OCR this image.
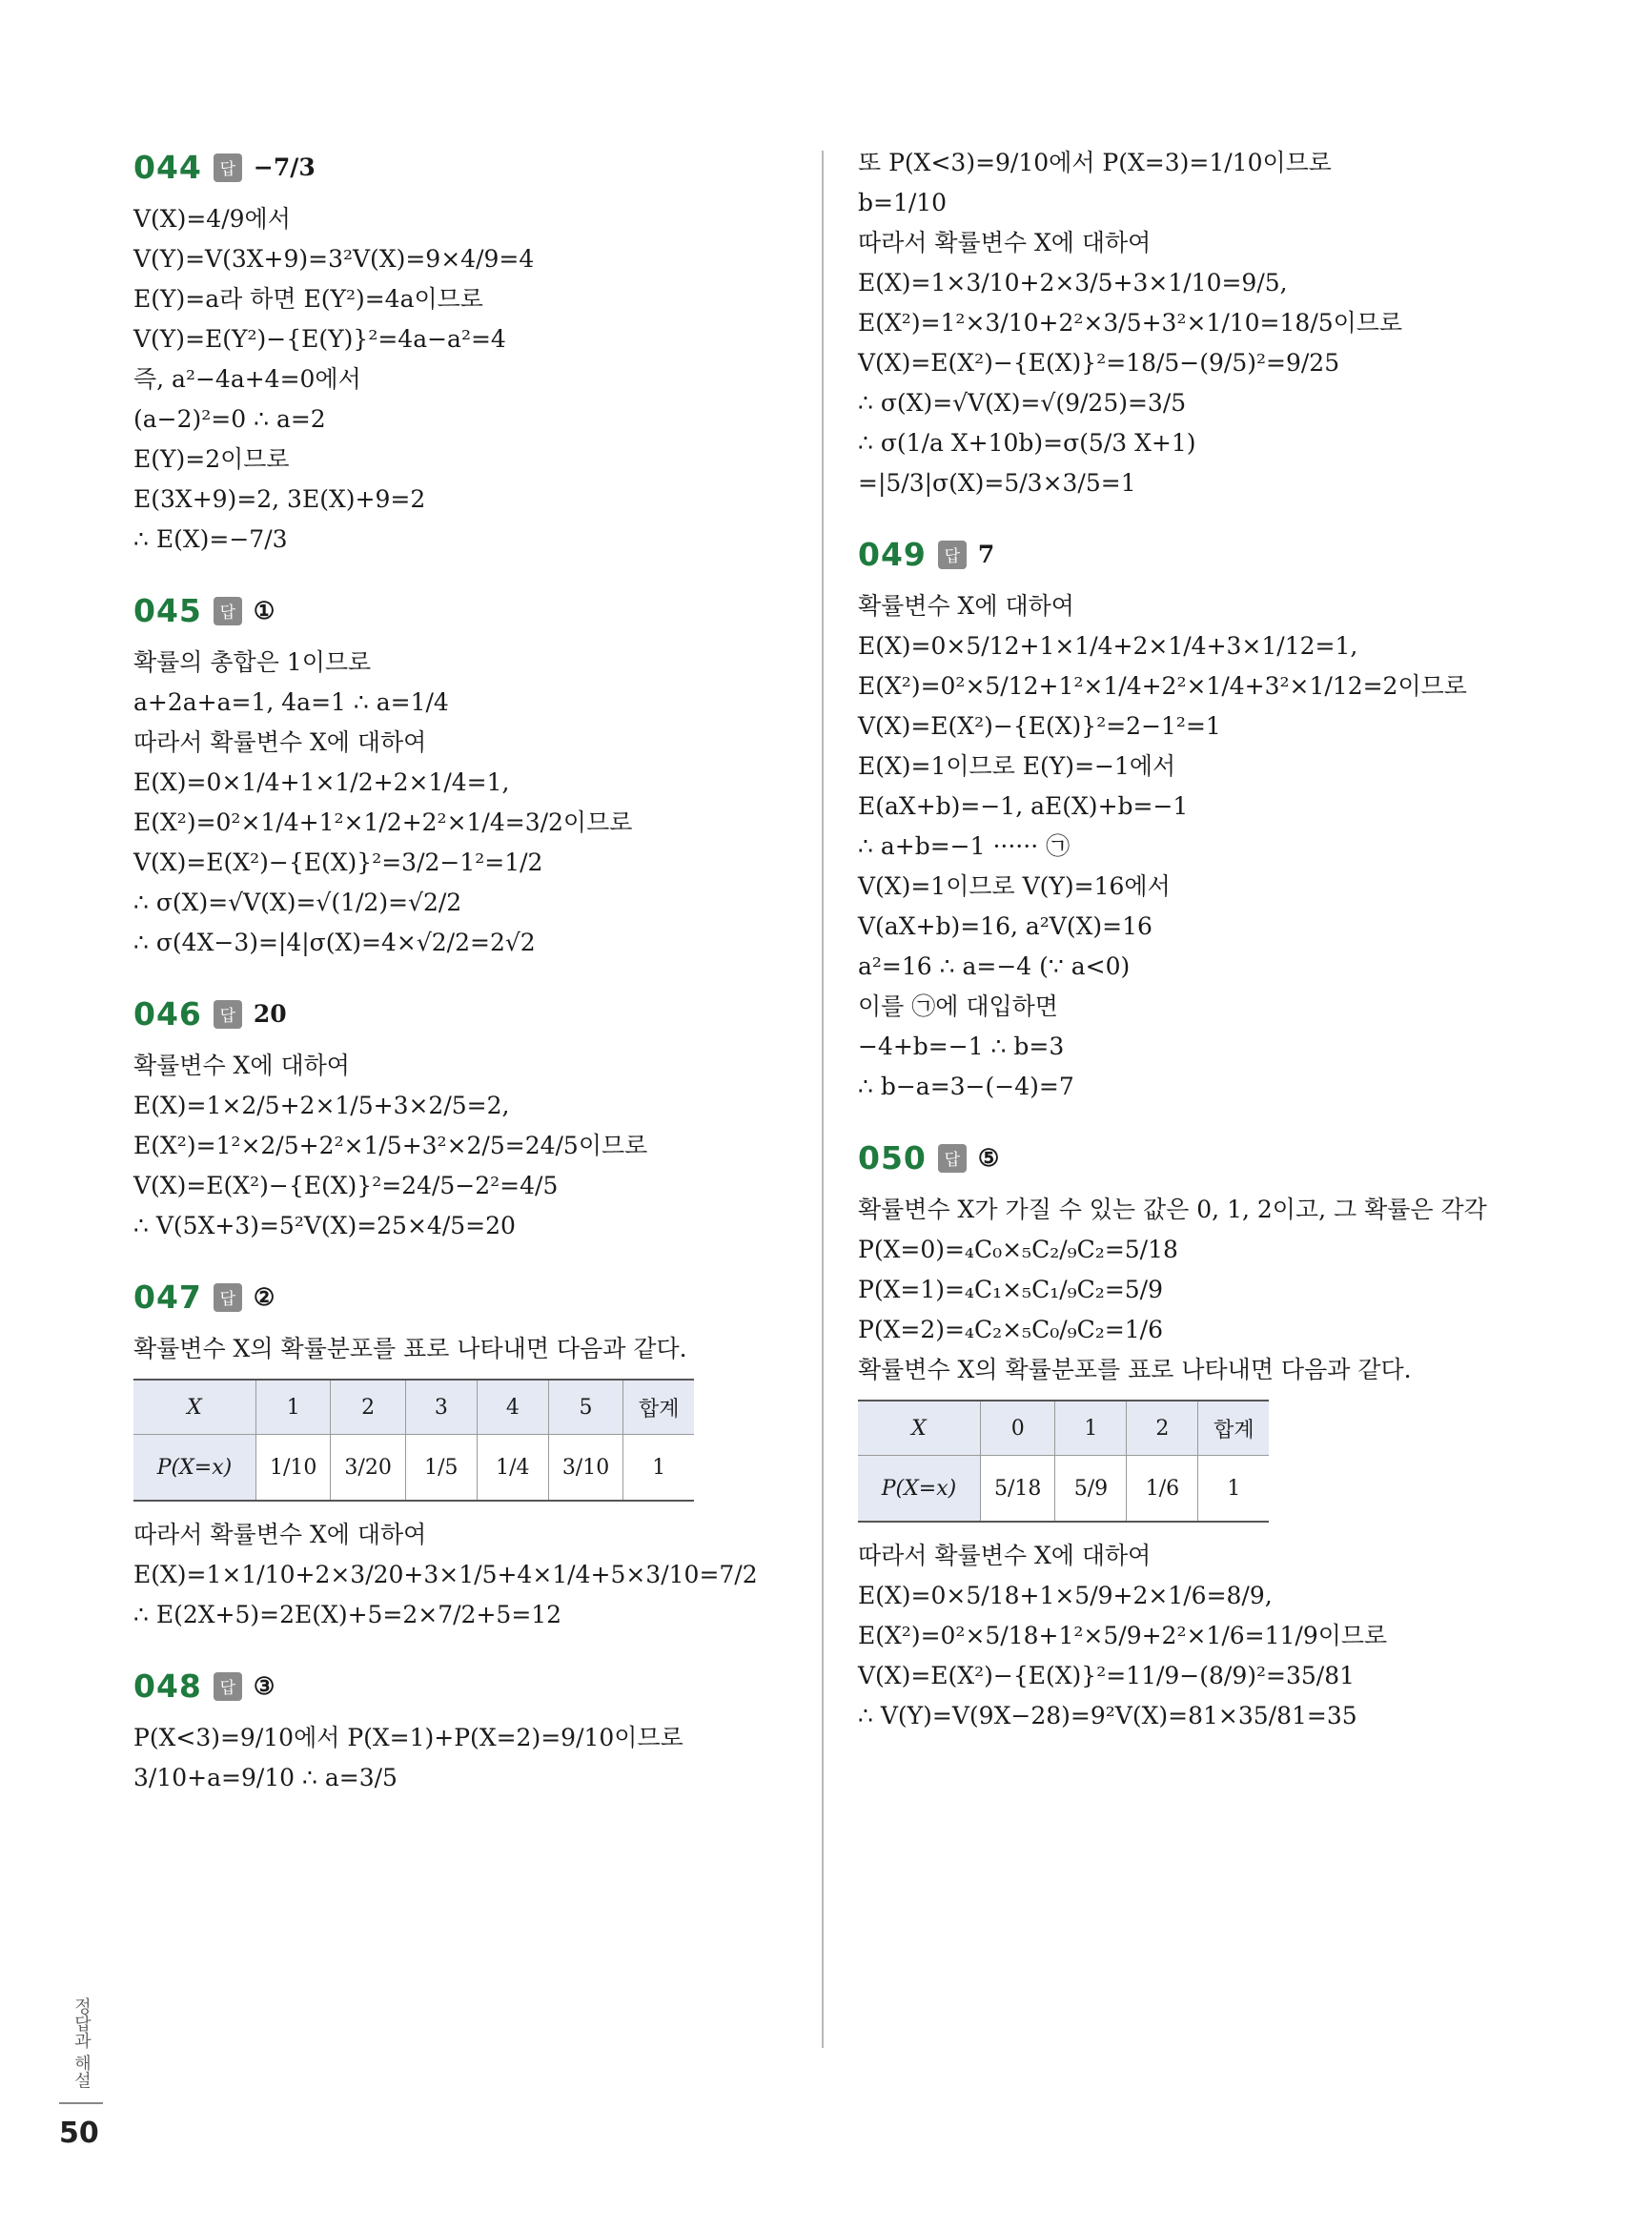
044	답 −7/3

V(X)=4/9에서

V(Y)=V(3X+9)=3²V(X)=9×4/9=4

E(Y)=a라 하면 E(Y²)=4a이므로

V(Y)=E(Y²)−{E(Y)}²=4a−a²=4

즉, a²−4a+4=0에서

(a−2)²=0 ∴ a=2

E(Y)=2이므로

E(3X+9)=2, 3E(X)+9=2

∴ E(X)=−7/3

045	답 ①

확률의 총합은 1이므로

a+2a+a=1, 4a=1 ∴ a=1/4

따라서 확률변수 X에 대하여

E(X)=0×1/4+1×1/2+2×1/4=1,

E(X²)=0²×1/4+1²×1/2+2²×1/4=3/2이므로

V(X)=E(X²)−{E(X)}²=3/2−1²=1/2

∴ σ(X)=√V(X)=√(1/2)=√2/2

∴ σ(4X−3)=|4|σ(X)=4×√2/2=2√2

046	답 20

확률변수 X에 대하여

E(X)=1×2/5+2×1/5+3×2/5=2,

E(X²)=1²×2/5+2²×1/5+3²×2/5=24/5이므로

V(X)=E(X²)−{E(X)}²=24/5−2²=4/5

∴ V(5X+3)=5²V(X)=25×4/5=20

047	답 ②

확률변수 X의 확률분포를 표로 나타내면 다음과 같다.

X	1	2	3	4	5	합계
P(X=x)	1/10	3/20	1/5	1/4	3/10	1

따라서 확률변수 X에 대하여

E(X)=1×1/10+2×3/20+3×1/5+4×1/4+5×3/10=7/2

∴ E(2X+5)=2E(X)+5=2×7/2+5=12

048	답 ③

P(X<3)=9/10에서 P(X=1)+P(X=2)=9/10이므로

3/10+a=9/10 ∴ a=3/5

또 P(X<3)=9/10에서 P(X=3)=1/10이므로

b=1/10

따라서 확률변수 X에 대하여

E(X)=1×3/10+2×3/5+3×1/10=9/5,

E(X²)=1²×3/10+2²×3/5+3²×1/10=18/5이므로

V(X)=E(X²)−{E(X)}²=18/5−(9/5)²=9/25

∴ σ(X)=√V(X)=√(9/25)=3/5

∴ σ(1/a X+10b)=σ(5/3 X+1)

=|5/3|σ(X)=5/3×3/5=1

049	답 7

확률변수 X에 대하여

E(X)=0×5/12+1×1/4+2×1/4+3×1/12=1,

E(X²)=0²×5/12+1²×1/4+2²×1/4+3²×1/12=2이므로

V(X)=E(X²)−{E(X)}²=2−1²=1

E(X)=1이므로 E(Y)=−1에서

E(aX+b)=−1, aE(X)+b=−1

∴ a+b=−1 ······ ㉠

V(X)=1이므로 V(Y)=16에서

V(aX+b)=16, a²V(X)=16

a²=16 ∴ a=−4 (∵ a<0)

이를 ㉠에 대입하면

−4+b=−1 ∴ b=3

∴ b−a=3−(−4)=7

050	답 ⑤

확률변수 X가 가질 수 있는 값은 0, 1, 2이고, 그 확률은 각각

P(X=0)=₄C₀×₅C₂/₉C₂=5/18

P(X=1)=₄C₁×₅C₁/₉C₂=5/9

P(X=2)=₄C₂×₅C₀/₉C₂=1/6

확률변수 X의 확률분포를 표로 나타내면 다음과 같다.

X	0	1	2	합계
P(X=x)	5/18	5/9	1/6	1

따라서 확률변수 X에 대하여

E(X)=0×5/18+1×5/9+2×1/6=8/9,

E(X²)=0²×5/18+1²×5/9+2²×1/6=11/9이므로

V(X)=E(X²)−{E(X)}²=11/9−(8/9)²=35/81

∴ V(Y)=V(9X−28)=9²V(X)=81×35/81=35

정답과 해설
50
